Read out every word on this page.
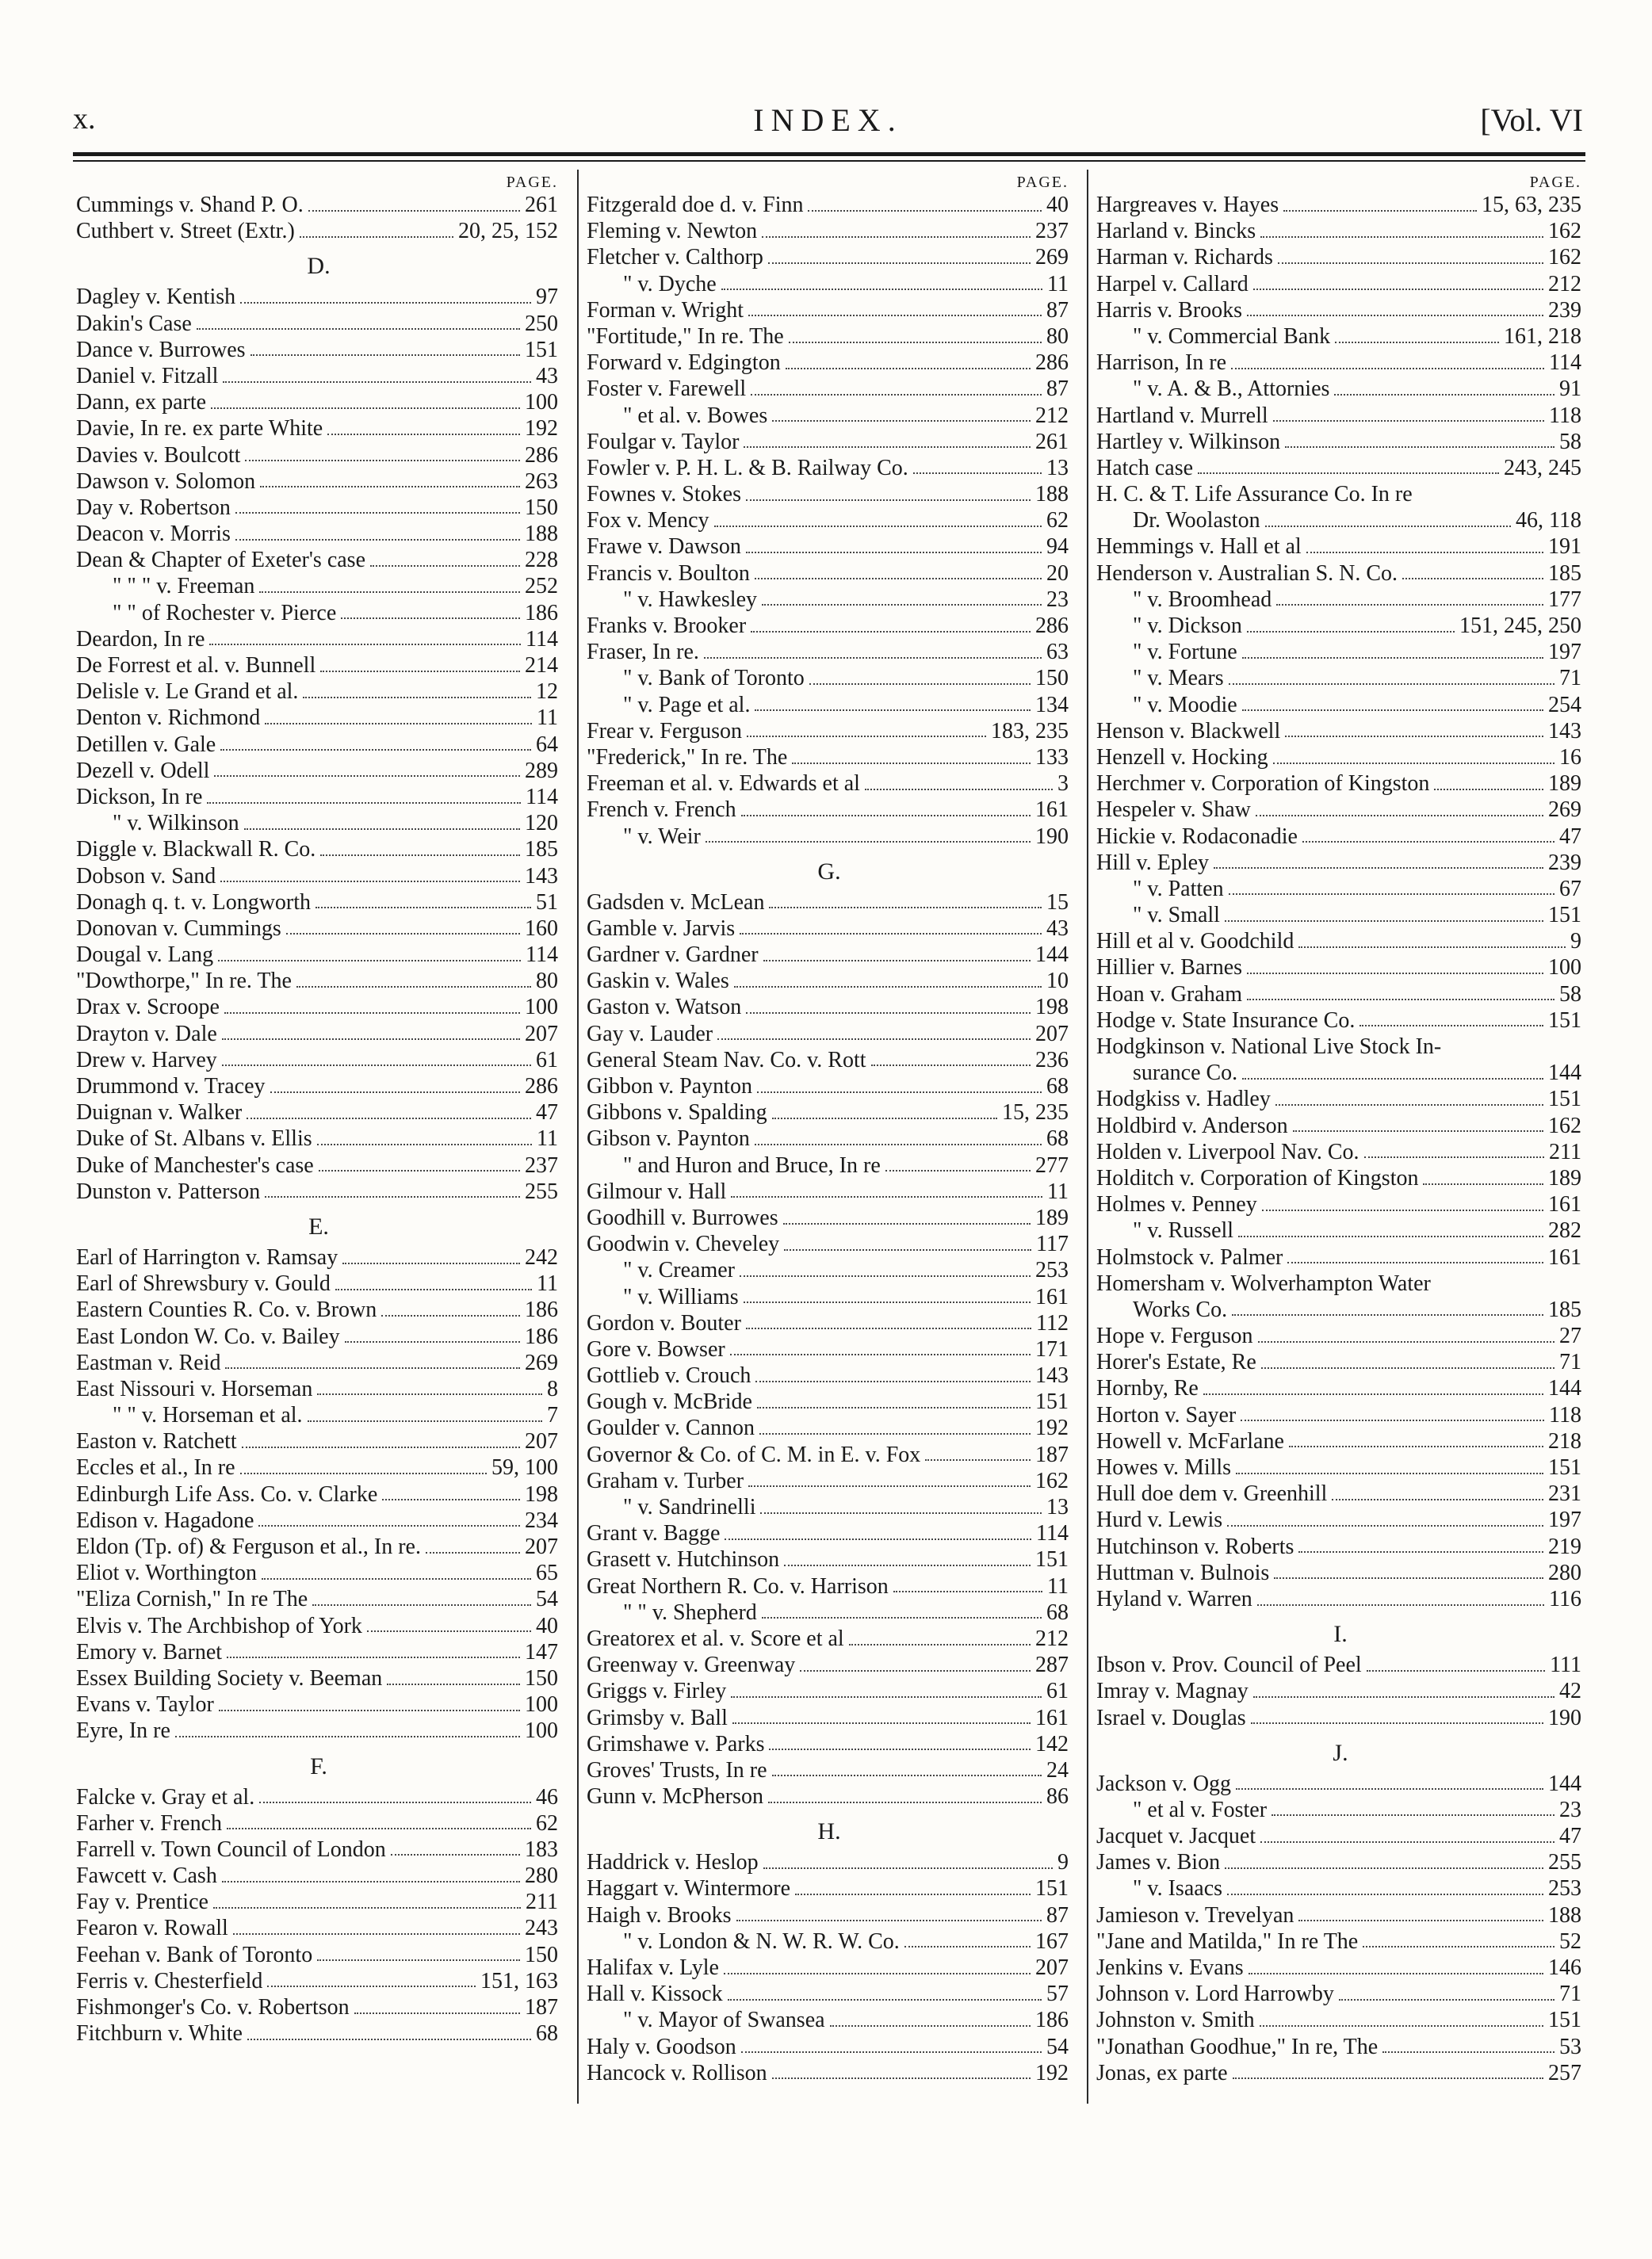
x.	INDEX.	[Vol. VI
PAGE.
Cummings v. Shand P. O.	261
Cuthbert v. Street (Extr.)	20, 25, 152
D.
Dagley v. Kentish	97
Dakin's Case	250
Dance v. Burrowes	151
Daniel v. Fitzall	43
Dann, ex parte	100
Davie, In re. ex parte White	192
Davies v. Boulcott	286
Dawson v. Solomon	263
Day v. Robertson	150
Deacon v. Morris	188
Dean & Chapter of Exeter's case	228
" " " v. Freeman	252
" " of Rochester v. Pierce	186
Deardon, In re	114
De Forrest et al. v. Bunnell	214
Delisle v. Le Grand et al.	12
Denton v. Richmond	11
Detillen v. Gale	64
Dezell v. Odell	289
Dickson, In re	114
" v. Wilkinson	120
Diggle v. Blackwall R. Co.	185
Dobson v. Sand	143
Donagh q. t. v. Longworth	51
Donovan v. Cummings	160
Dougal v. Lang	114
"Dowthorpe," In re. The	80
Drax v. Scroope	100
Drayton v. Dale	207
Drew v. Harvey	61
Drummond v. Tracey	286
Duignan v. Walker	47
Duke of St. Albans v. Ellis	11
Duke of Manchester's case	237
Dunston v. Patterson	255
E.
Earl of Harrington v. Ramsay	242
Earl of Shrewsbury v. Gould	11
Eastern Counties R. Co. v. Brown	186
East London W. Co. v. Bailey	186
Eastman v. Reid	269
East Nissouri v. Horseman	8
" " v. Horseman et al.	7
Easton v. Ratchett	207
Eccles et al., In re	59, 100
Edinburgh Life Ass. Co. v. Clarke	198
Edison v. Hagadone	234
Eldon (Tp. of) & Ferguson et al., In re.	207
Eliot v. Worthington	65
"Eliza Cornish," In re The	54
Elvis v. The Archbishop of York	40
Emory v. Barnet	147
Essex Building Society v. Beeman	150
Evans v. Taylor	100
Eyre, In re	100
F.
Falcke v. Gray et al.	46
Farher v. French	62
Farrell v. Town Council of London	183
Fawcett v. Cash	280
Fay v. Prentice	211
Fearon v. Rowall	243
Feehan v. Bank of Toronto	150
Ferris v. Chesterfield	151, 163
Fishmonger's Co. v. Robertson	187
Fitchburn v. White	68
PAGE.
Fitzgerald doe d. v. Finn	40
Fleming v. Newton	237
Fletcher v. Calthorp	269
" v. Dyche	11
Forman v. Wright	87
"Fortitude," In re. The	80
Forward v. Edgington	286
Foster v. Farewell	87
" et al. v. Bowes	212
Foulgar v. Taylor	261
Fowler v. P. H. L. & B. Railway Co.	13
Fownes v. Stokes	188
Fox v. Mency	62
Frawe v. Dawson	94
Francis v. Boulton	20
" v. Hawkesley	23
Franks v. Brooker	286
Fraser, In re.	63
" v. Bank of Toronto	150
" v. Page et al.	134
Frear v. Ferguson	183, 235
"Frederick," In re. The	133
Freeman et al. v. Edwards et al	3
French v. French	161
" v. Weir	190
G.
Gadsden v. McLean	15
Gamble v. Jarvis	43
Gardner v. Gardner	144
Gaskin v. Wales	10
Gaston v. Watson	198
Gay v. Lauder	207
General Steam Nav. Co. v. Rott	236
Gibbon v. Paynton	68
Gibbons v. Spalding	15, 235
Gibson v. Paynton	68
" and Huron and Bruce, In re	277
Gilmour v. Hall	11
Goodhill v. Burrowes	189
Goodwin v. Cheveley	117
" v. Creamer	253
" v. Williams	161
Gordon v. Bouter	112
Gore v. Bowser	171
Gottlieb v. Crouch	143
Gough v. McBride	151
Goulder v. Cannon	192
Governor & Co. of C. M. in E. v. Fox	187
Graham v. Turber	162
" v. Sandrinelli	13
Grant v. Bagge	114
Grasett v. Hutchinson	151
Great Northern R. Co. v. Harrison	11
" " v. Shepherd	68
Greatorex et al. v. Score et al	212
Greenway v. Greenway	287
Griggs v. Firley	61
Grimsby v. Ball	161
Grimshawe v. Parks	142
Groves' Trusts, In re	24
Gunn v. McPherson	86
H.
Haddrick v. Heslop	9
Haggart v. Wintermore	151
Haigh v. Brooks	87
" v. London & N. W. R. W. Co.	167
Halifax v. Lyle	207
Hall v. Kissock	57
" v. Mayor of Swansea	186
Haly v. Goodson	54
Hancock v. Rollison	192
PAGE.
Hargreaves v. Hayes	15, 63, 235
Harland v. Bincks	162
Harman v. Richards	162
Harpel v. Callard	212
Harris v. Brooks	239
" v. Commercial Bank	161, 218
Harrison, In re	114
" v. A. & B., Attornies	91
Hartland v. Murrell	118
Hartley v. Wilkinson	58
Hatch case	243, 245
H. C. & T. Life Assurance Co. In re
Dr. Woolaston	46, 118
Hemmings v. Hall et al	191
Henderson v. Australian S. N. Co.	185
" v. Broomhead	177
" v. Dickson	151, 245, 250
" v. Fortune	197
" v. Mears	71
" v. Moodie	254
Henson v. Blackwell	143
Henzell v. Hocking	16
Herchmer v. Corporation of Kingston	189
Hespeler v. Shaw	269
Hickie v. Rodaconadie	47
Hill v. Epley	239
" v. Patten	67
" v. Small	151
Hill et al v. Goodchild	9
Hillier v. Barnes	100
Hoan v. Graham	58
Hodge v. State Insurance Co.	151
Hodgkinson v. National Live Stock In-
surance Co.	144
Hodgkiss v. Hadley	151
Holdbird v. Anderson	162
Holden v. Liverpool Nav. Co.	211
Holditch v. Corporation of Kingston	189
Holmes v. Penney	161
" v. Russell	282
Holmstock v. Palmer	161
Homersham v. Wolverhampton Water
Works Co.	185
Hope v. Ferguson	27
Horer's Estate, Re	71
Hornby, Re	144
Horton v. Sayer	118
Howell v. McFarlane	218
Howes v. Mills	151
Hull doe dem v. Greenhill	231
Hurd v. Lewis	197
Hutchinson v. Roberts	219
Huttman v. Bulnois	280
Hyland v. Warren	116
I.
Ibson v. Prov. Council of Peel	111
Imray v. Magnay	42
Israel v. Douglas	190
J.
Jackson v. Ogg	144
" et al v. Foster	23
Jacquet v. Jacquet	47
James v. Bion	255
" v. Isaacs	253
Jamieson v. Trevelyan	188
"Jane and Matilda," In re The	52
Jenkins v. Evans	146
Johnson v. Lord Harrowby	71
Johnston v. Smith	151
"Jonathan Goodhue," In re, The	53
Jonas, ex parte	257
